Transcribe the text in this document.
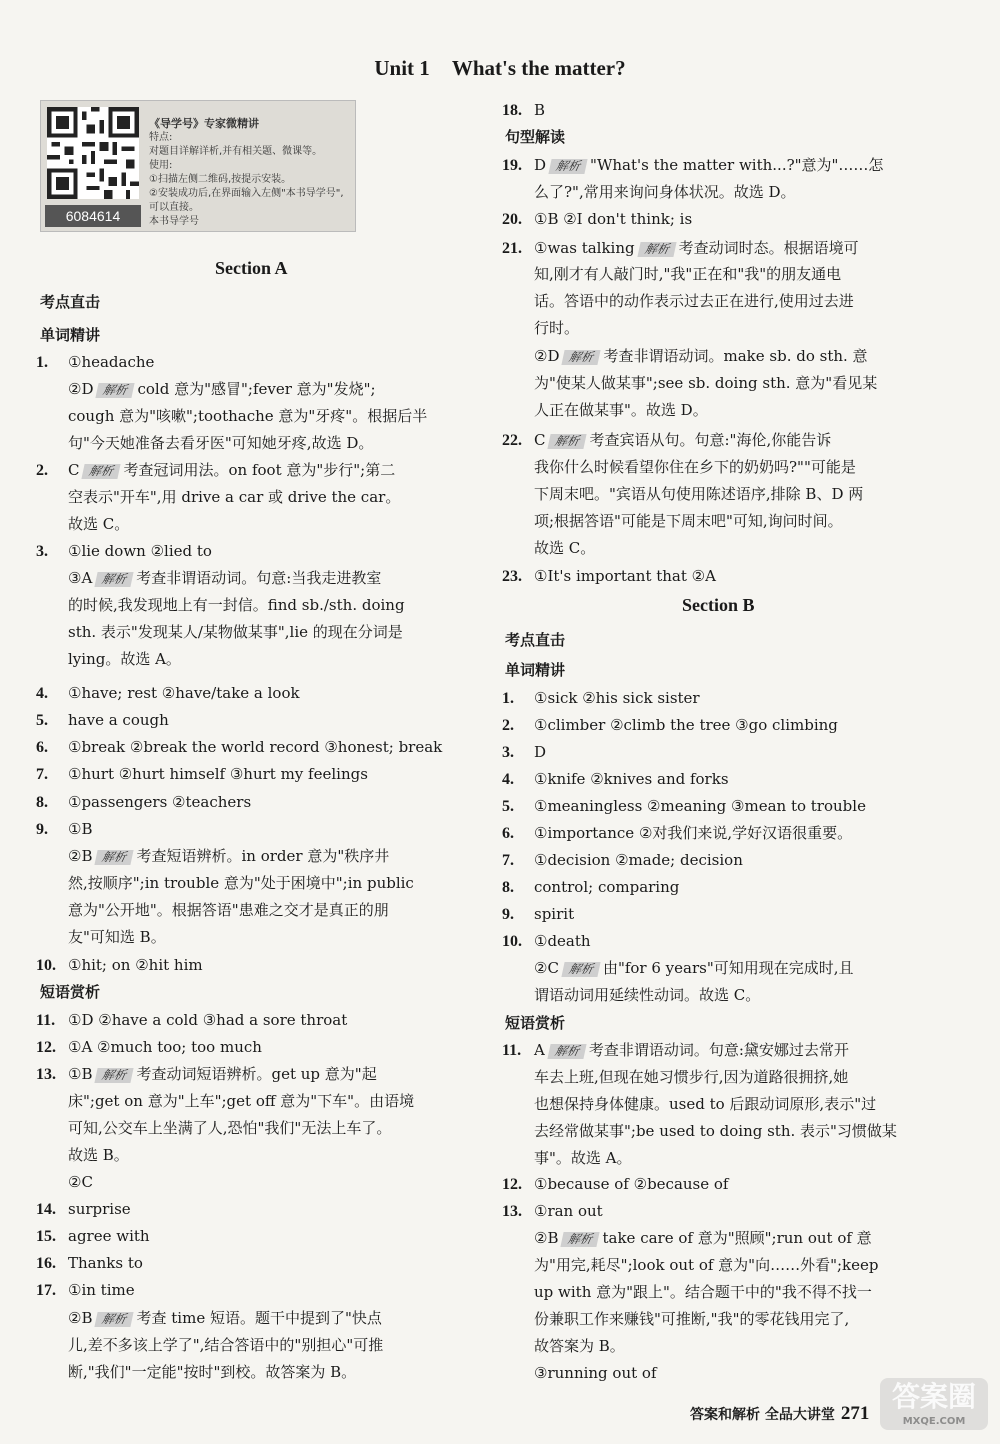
Unit 1 What's the matter?
6084614
《导学号》专家微精讲
特点:
对题目详解详析,并有相关题、微课等。
使用:
①扫描左侧二维码,按提示安装。
②安装成功后,在界面输入左侧"本书导学号",可以直接。
本书导学号
Section A
考点直击
单词精讲
短语赏析
句型解读
Section B
考点直击
单词精讲
短语赏析
1. ①headache
②D 解析 cold 意为"感冒";fever 意为"发烧";
cough 意为"咳嗽";toothache 意为"牙疼"。根据后半
句"今天她准备去看牙医"可知她牙疼,故选 D。
2. C 解析 考查冠词用法。on foot 意为"步行";第二
空表示"开车",用 drive a car 或 drive the car。
故选 C。
3. ①lie down ②lied to
③A 解析 考查非谓语动词。句意:当我走进教室
的时候,我发现地上有一封信。find sb./sth. doing
sth. 表示"发现某人/某物做某事",lie 的现在分词是
lying。故选 A。
4. ①have; rest ②have/take a look
5. have a cough
6. ①break ②break the world record ③honest; break
7. ①hurt ②hurt himself ③hurt my feelings
8. ①passengers ②teachers
9. ①B
②B 解析 考查短语辨析。in order 意为"秩序井
然,按顺序";in trouble 意为"处于困境中";in public
意为"公开地"。根据答语"患难之交才是真正的朋
友"可知选 B。
10. ①hit; on ②hit him
11. ①D ②have a cold ③had a sore throat
12. ①A ②much too; too much
13. ①B 解析 考查动词短语辨析。get up 意为"起
床";get on 意为"上车";get off 意为"下车"。由语境
可知,公交车上坐满了人,恐怕"我们"无法上车了。
故选 B。
②C
14. surprise
15. agree with
16. Thanks to
17. ①in time
②B 解析 考查 time 短语。题干中提到了"快点
儿,差不多该上学了",结合答语中的"别担心"可推
断,"我们"一定能"按时"到校。故答案为 B。
18. B
19. D 解析 "What's the matter with...?"意为"……怎
么了?",常用来询问身体状况。故选 D。
20. ①B ②I don't think; is
21. ①was talking 解析 考查动词时态。根据语境可
知,刚才有人敲门时,"我"正在和"我"的朋友通电
话。答语中的动作表示过去正在进行,使用过去进
行时。
②D 解析 考查非谓语动词。make sb. do sth. 意
为"使某人做某事";see sb. doing sth. 意为"看见某
人正在做某事"。故选 D。
22. C 解析 考查宾语从句。句意:"海伦,你能告诉
我你什么时候看望你住在乡下的奶奶吗?""可能是
下周末吧。"宾语从句使用陈述语序,排除 B、D 两
项;根据答语"可能是下周末吧"可知,询问时间。
故选 C。
23. ①It's important that ②A
1. ①sick ②his sick sister
2. ①climber ②climb the tree ③go climbing
3. D
4. ①knife ②knives and forks
5. ①meaningless ②meaning ③mean to trouble
6. ①importance ②对我们来说,学好汉语很重要。
7. ①decision ②made; decision
8. control; comparing
9. spirit
10. ①death
②C 解析 由"for 6 years"可知用现在完成时,且
谓语动词用延续性动词。故选 C。
11. A 解析 考查非谓语动词。句意:黛安娜过去常开
车去上班,但现在她习惯步行,因为道路很拥挤,她
也想保持身体健康。used to 后跟动词原形,表示"过
去经常做某事";be used to doing sth. 表示"习惯做某
事"。故选 A。
12. ①because of ②because of
13. ①ran out
②B 解析 take care of 意为"照顾";run out of 意
为"用完,耗尽";look out of 意为"向……外看";keep
up with 意为"跟上"。结合题干中的"我不得不找一
份兼职工作来赚钱"可推断,"我"的零花钱用完了,
故答案为 B。
③running out of
答案和解析 全品大讲堂 271
答案圈
MXQE.COM
